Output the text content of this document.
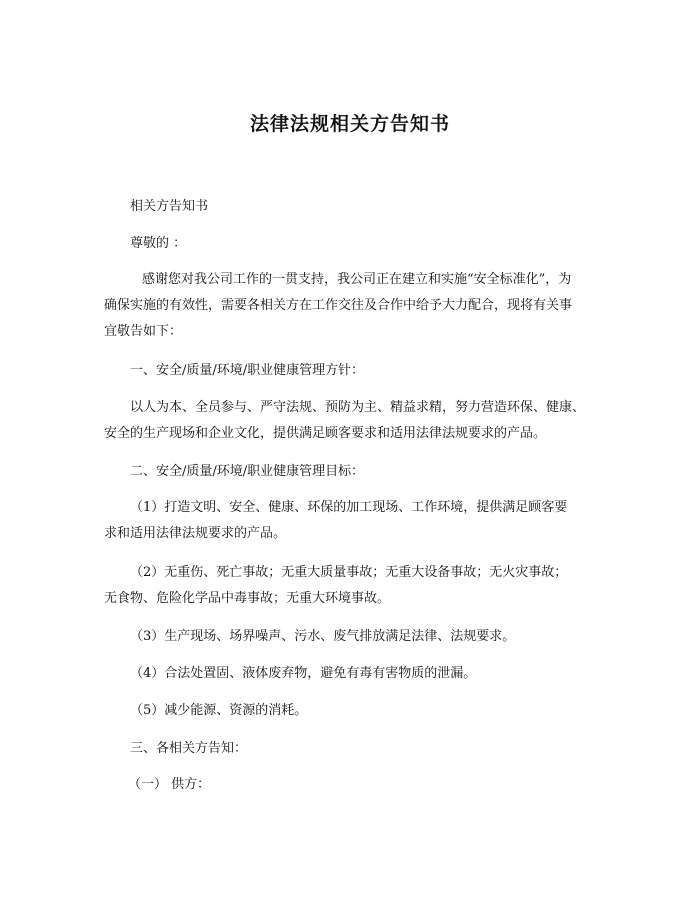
法律法规相关方告知书
相关方告知书
尊敬的 ：
感谢您对我公司工作的一贯支持，我公司正在建立和实施“安全标准化”，为
确保实施的有效性，需要各相关方在工作交往及合作中给予大力配合，现将有关事
宜敬告如下：
一、安全/质量/环境/职业健康管理方针：
以人为本、全员参与、严守法规、预防为主、精益求精，努力营造环保、健康、
安全的生产现场和企业文化，提供满足顾客要求和适用法律法规要求的产品。
二、安全/质量/环境/职业健康管理目标：
（1）打造文明、安全、健康、环保的加工现场、工作环境，提供满足顾客要
求和适用法律法规要求的产品。
（2）无重伤、死亡事故；无重大质量事故；无重大设备事故；无火灾事故；
无食物、危险化学品中毒事故；无重大环境事故。
（3）生产现场、场界噪声、污水、废气排放满足法律、法规要求。
（4）合法处置固、液体废弃物，避免有毒有害物质的泄漏。
（5）减少能源、资源的消耗。
三、各相关方告知：
（一） 供方：
